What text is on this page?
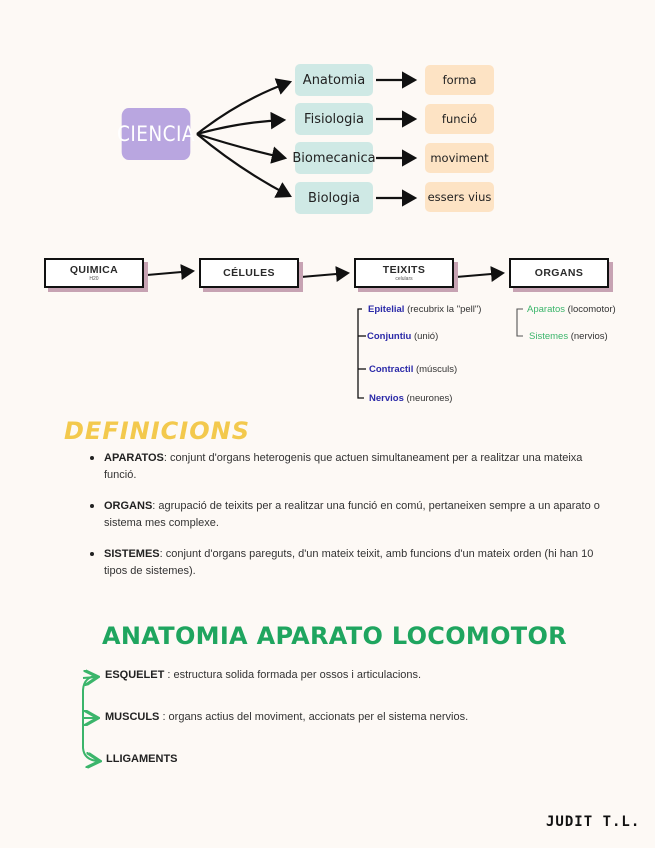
CIENCIA
Anatomia
Fisiologia
Biomecanica
Biologia
forma
funció
moviment
essers vius
QUIMICA
H20	CÉLULES	TEIXITS
celulars	ORGANS
Epitelial (recubrix la "pell")
Conjuntiu (unió)
Contractil (músculs)
Nervios (neurones)
Aparatos (locomotor)
Sistemes (nervios)
DEFINICIONS
APARATOS: conjunt d'organs heterogenis que actuen simultaneament per a realitzar una mateixa funció.
ORGANS: agrupació de teixits per a realitzar una funció en comú, pertaneixen sempre a un aparato o sistema mes complexe.
SISTEMES: conjunt d'organs pareguts, d'un mateix teixit, amb funcions d'un mateix orden (hi han 10 tipos de sistemes).
ANATOMIA APARATO LOCOMOTOR
ESQUELET : estructura solida formada per ossos i articulacions.
MUSCULS : organs actius del moviment, accionats per el sistema nervios.
LLIGAMENTS
JUDIT T.L.
